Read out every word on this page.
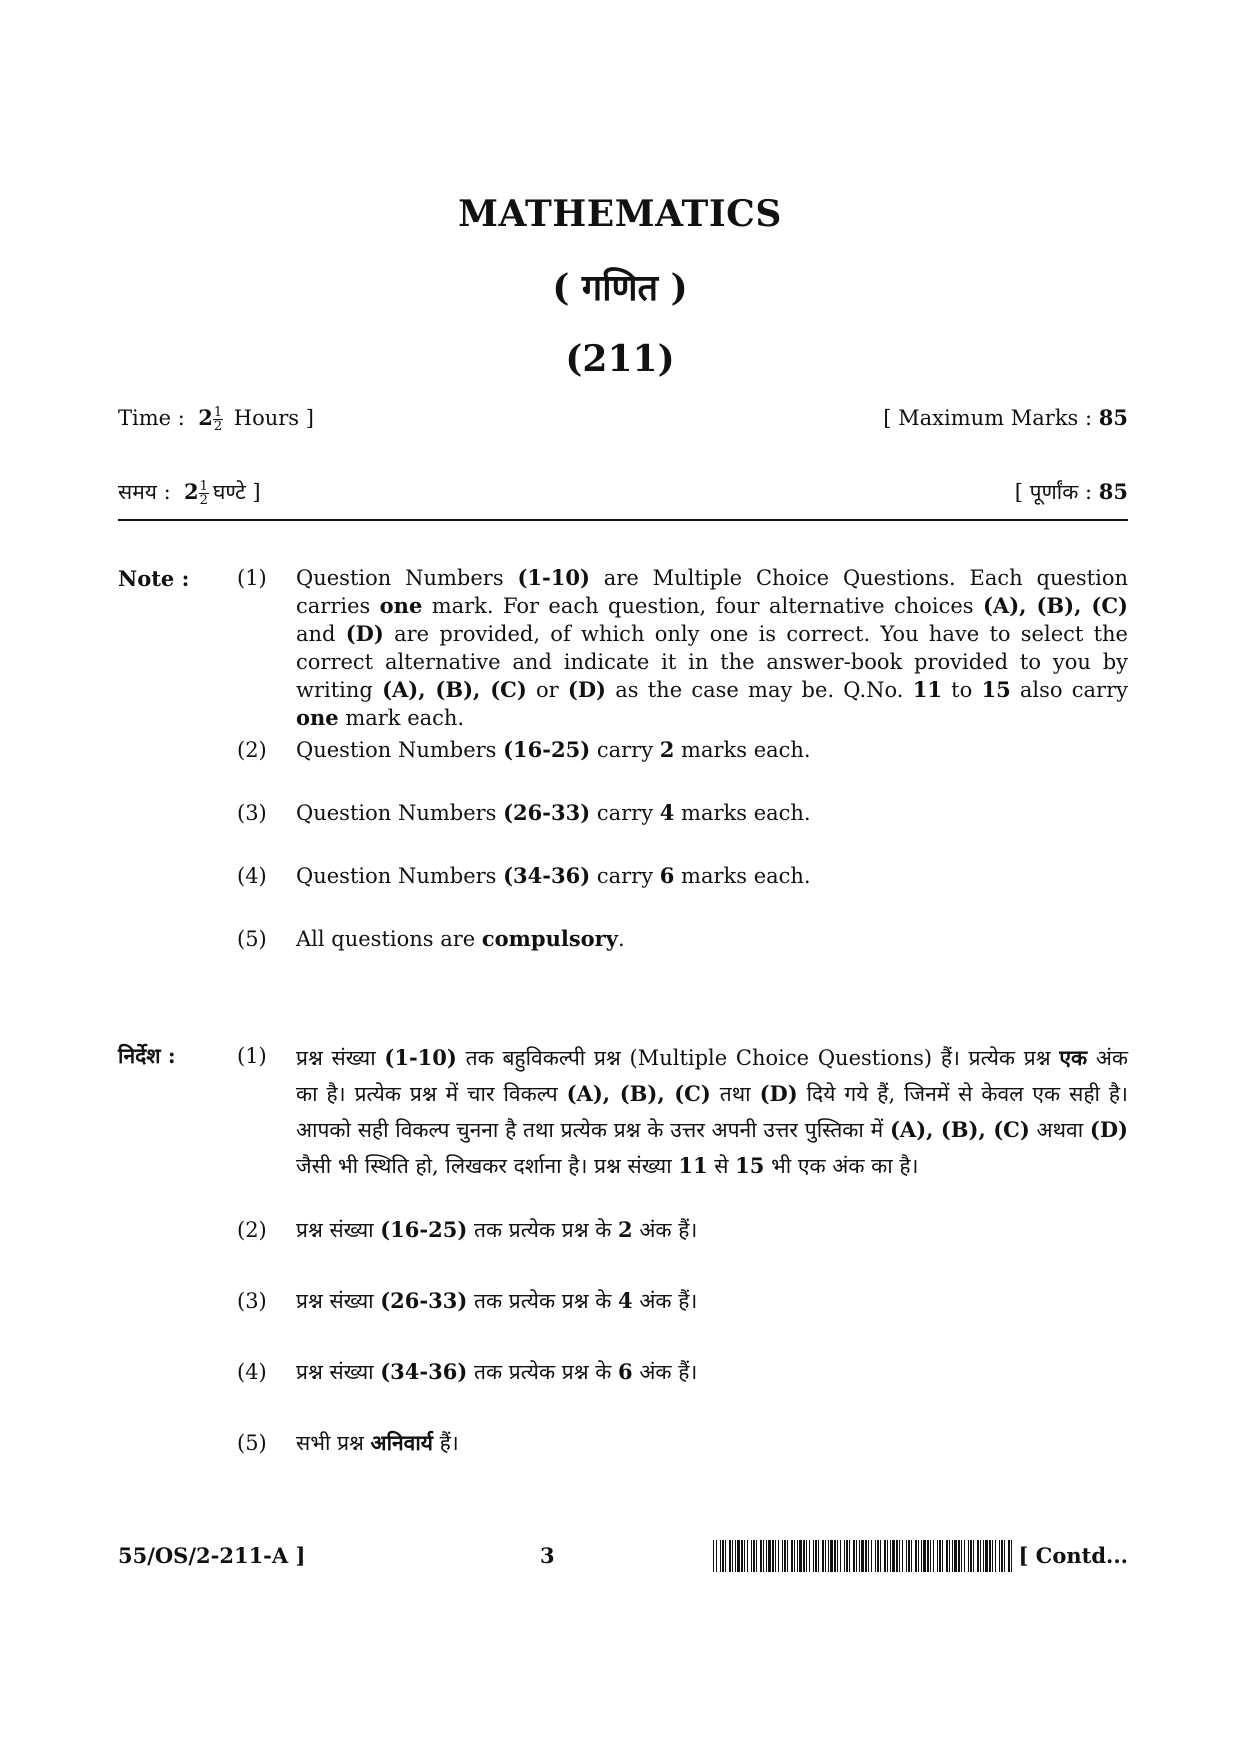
MATHEMATICS
( गणित )
(211)
Time : $2 \frac{1}{2}$ Hours ]	[ Maximum Marks : 85
समय : $2 \frac{1}{2}$ घण्टे ]	[ पूर्णांक : 85
Note : (1) Question Numbers (1-10) are Multiple Choice Questions. Each question carries one mark. For each question, four alternative choices (A), (B), (C) and (D) are provided, of which only one is correct. You have to select the correct alternative and indicate it in the answer-book provided to you by writing (A), (B), (C) or (D) as the case may be. Q.No. 11 to 15 also carry one mark each.
(2) Question Numbers (16-25) carry 2 marks each.
(3) Question Numbers (26-33) carry 4 marks each.
(4) Question Numbers (34-36) carry 6 marks each.
(5) All questions are compulsory.
निर्देश :	(1) प्रश्न संख्या (1-10) तक बहुविकल्पी प्रश्न (Multiple Choice Questions) हैं। प्रत्येक प्रश्न एक अंक का है। प्रत्येक प्रश्न में चार विकल्प (A), (B), (C) तथा (D) दिये गये हैं, जिनमें से केवल एक सही है। आपको सही विकल्प चुनना है तथा प्रत्येक प्रश्न के उत्तर अपनी उत्तर पुस्तिका में (A), (B), (C) अथवा (D) जैसी भी स्थिति हो, लिखकर दर्शाना है। प्रश्न संख्या 11 से 15 भी एक अंक का है।
(2) प्रश्न संख्या (16-25) तक प्रत्येक प्रश्न के 2 अंक हैं।
(3) प्रश्न संख्या (26-33) तक प्रत्येक प्रश्न के 4 अंक हैं।
(4) प्रश्न संख्या (34-36) तक प्रत्येक प्रश्न के 6 अंक हैं।
(5) सभी प्रश्न अनिवार्य हैं।
55/OS/2-211-A ]	3	[ Contd...
